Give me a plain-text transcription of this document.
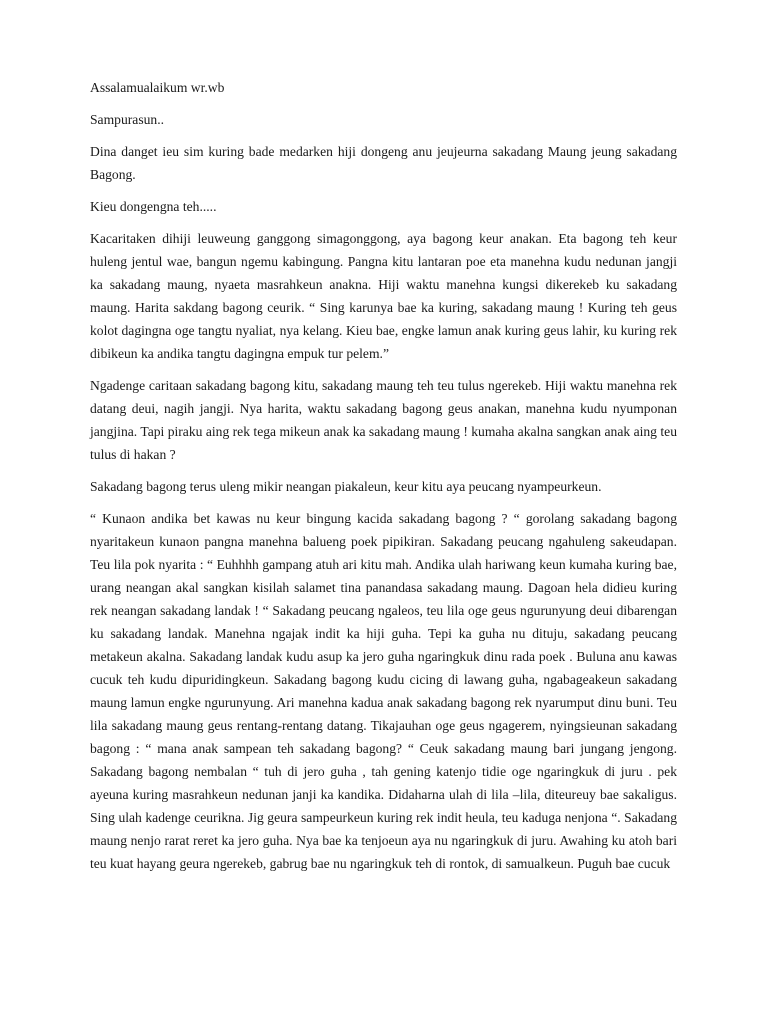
Assalamualaikum wr.wb

Sampurasun..

Dina danget ieu sim kuring bade medarken hiji dongeng anu jeujeurna sakadang Maung jeung sakadang Bagong.

Kieu dongengna teh.....

Kacaritaken dihiji leuweung ganggong simagonggong, aya bagong keur anakan. Eta bagong teh keur huleng jentul wae, bangun ngemu kabingung. Pangna kitu lantaran poe eta manehna kudu nedunan jangji ka sakadang maung, nyaeta masrahkeun anakna. Hiji waktu manehna kungsi dikerekeb ku sakadang maung. Harita sakdang bagong ceurik. “ Sing karunya bae ka kuring, sakadang maung ! Kuring teh geus kolot dagingna oge tangtu nyaliat, nya kelang. Kieu bae, engke lamun anak kuring geus lahir, ku kuring rek dibikeun ka andika tangtu dagingna empuk tur pelem.”

Ngadenge caritaan sakadang bagong kitu, sakadang maung teh teu tulus ngerekeb. Hiji waktu manehna rek datang deui, nagih jangji. Nya harita, waktu sakadang bagong geus anakan, manehna kudu nyumponan jangjina. Tapi piraku aing rek tega mikeun anak ka sakadang maung ! kumaha akalna sangkan anak aing teu tulus di hakan ?

Sakadang bagong terus uleng mikir neangan piakaleun, keur kitu aya peucang nyampeurkeun.

“ Kunaon andika bet kawas nu keur bingung kacida sakadang bagong ? “ gorolang sakadang bagong nyaritakeun kunaon pangna manehna balueng poek pipikiran. Sakadang peucang ngahuleng sakeudapan. Teu lila pok nyarita : “ Euhhhh gampang atuh ari kitu mah. Andika ulah hariwang keun kumaha kuring bae, urang neangan akal sangkan kisilah salamet tina panandasa sakadang maung. Dagoan hela didieu kuring rek neangan sakadang landak ! “ Sakadang peucang ngaleos, teu lila oge geus ngurunyung deui dibarengan ku sakadang landak. Manehna ngajak indit ka hiji guha. Tepi ka guha nu dituju, sakadang peucang metakeun akalna. Sakadang landak kudu asup ka jero guha ngaringkuk dinu rada poek . Buluna anu kawas cucuk teh kudu dipuridingkeun. Sakadang bagong kudu cicing di lawang guha, ngabageakeun sakadang maung lamun engke ngurunyung. Ari manehna kadua anak sakadang bagong rek nyarumput dinu buni. Teu lila sakadang maung geus rentang-rentang datang. Tikajauhan oge geus ngagerem, nyingsieunan sakadang bagong : “ mana anak sampean teh sakadang bagong? “ Ceuk sakadang maung bari jungang jengong. Sakadang bagong nembalan “ tuh di jero guha , tah gening katenjo tidie oge ngaringkuk di juru . pek ayeuna kuring masrahkeun nedunan janji ka kandika. Didaharna ulah di lila –lila, diteureuy bae sakaligus. Sing ulah kadenge ceurikna. Jig geura sampeurkeun kuring rek indit heula, teu kaduga nenjona “. Sakadang maung nenjo rarat reret ka jero guha. Nya bae ka tenjoeun aya nu ngaringkuk di juru. Awahing ku atoh bari teu kuat hayang geura ngerekeb, gabrug bae nu ngaringkuk teh di rontok, di samualkeun. Puguh bae cucuk
